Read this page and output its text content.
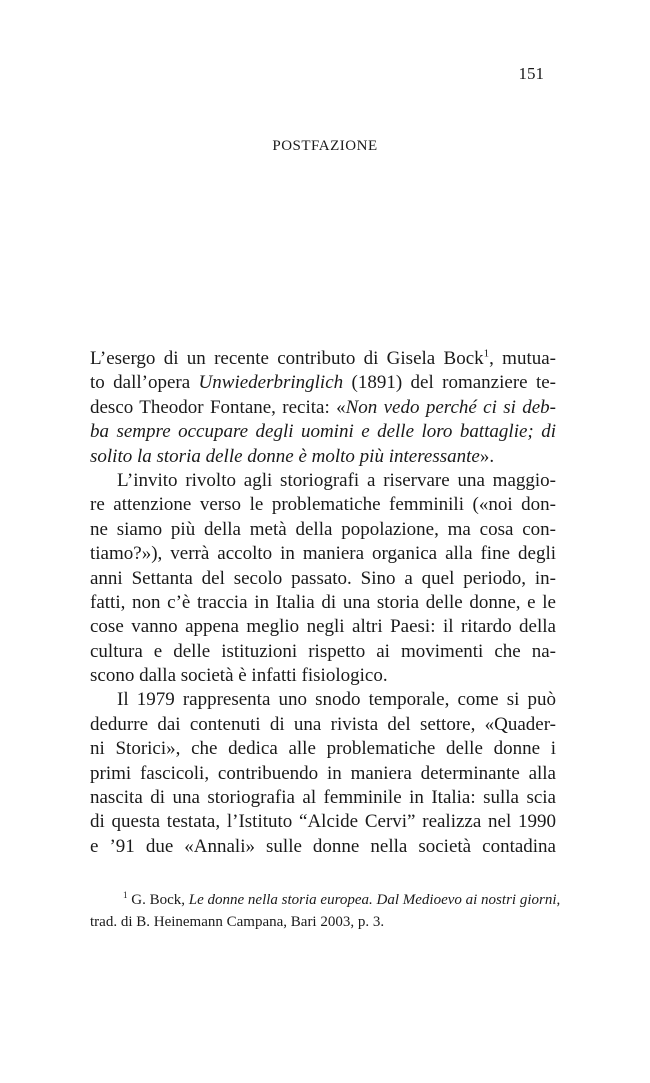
151
POSTFAZIONE
L’esergo di un recente contributo di Gisela Bock$^1$, mutua-
to dall’opera Unwiederbringlich (1891) del romanziere te-
desco Theodor Fontane, recita: «Non vedo perché ci si deb-
ba sempre occupare degli uomini e delle loro battaglie; di
solito la storia delle donne è molto più interessante».
L’invito rivolto agli storiografi a riservare una maggio-
re attenzione verso le problematiche femminili («noi don-
ne siamo più della metà della popolazione, ma cosa con-
tiamo?»), verrà accolto in maniera organica alla fine degli
anni Settanta del secolo passato. Sino a quel periodo, in-
fatti, non c’è traccia in Italia di una storia delle donne, e le
cose vanno appena meglio negli altri Paesi: il ritardo della
cultura e delle istituzioni rispetto ai movimenti che na-
scono dalla società è infatti fisiologico.
Il 1979 rappresenta uno snodo temporale, come si può
dedurre dai contenuti di una rivista del settore, «Quader-
ni Storici», che dedica alle problematiche delle donne i
primi fascicoli, contribuendo in maniera determinante alla
nascita di una storiografia al femminile in Italia: sulla scia
di questa testata, l’Istituto “Alcide Cervi” realizza nel 1990
e ’91 due «Annali» sulle donne nella società contadina
$^1$ G. Bock, Le donne nella storia europea. Dal Medioevo ai nostri giorni,
trad. di B. Heinemann Campana, Bari 2003, p. 3.
